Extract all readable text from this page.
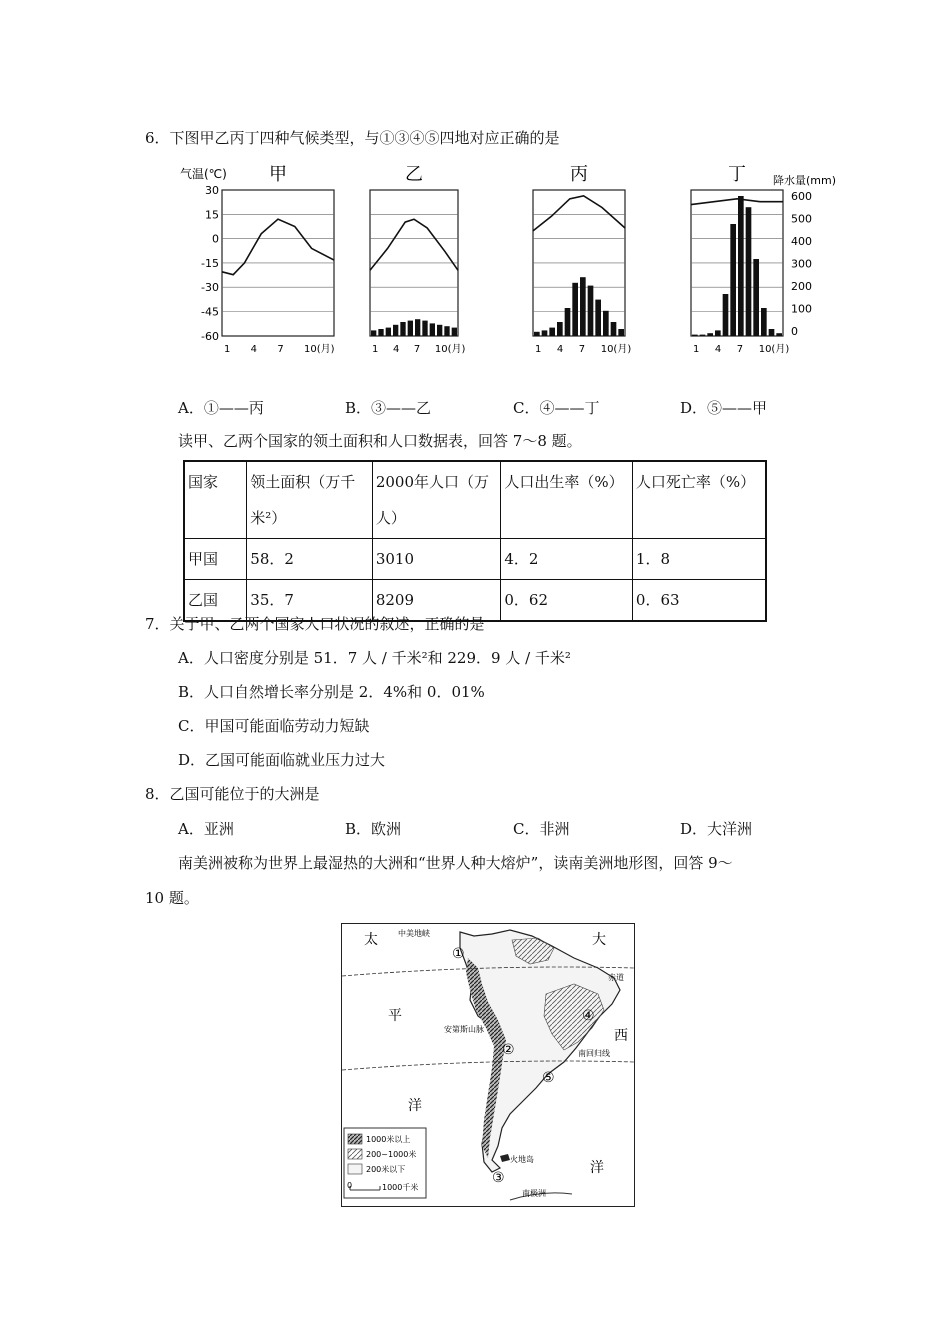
6．下图甲乙丙丁四种气候类型，与①③④⑤四地对应正确的是
气温(℃)	降水量(mm)
30
15
0
-15
-30
-45
-60
600
500
400
300
200
100
0
甲
1 4 7 10(月)
乙
1 4 7 10(月)
丙
1 4 7 10(月)
丁
1 4 7 10(月)
A．①——丙	B．③——乙	C．④——丁	D．⑤——甲
读甲、乙两个国家的领土面积和人口数据表，回答 7～8 题。
国家	领土面积（万千米²）	2000年人口（万人）	人口出生率（%）	人口死亡率（%）
甲国	58．2	3010	4．2	1．8
乙国	35．7	8209	0．62	0．63
7．关于甲、乙两个国家人口状况的叙述，正确的是
A．人口密度分别是 51．7 人 / 千米²和 229．9 人 / 千米²
B．人口自然增长率分别是 2．4%和 0．01%
C．甲国可能面临劳动力短缺
D．乙国可能面临就业压力过大
8．乙国可能位于的大洲是
A．亚洲	B．欧洲	C．非洲	D．大洋洲
南美洲被称为世界上最湿热的大洲和“世界人种大熔炉”，读南美洲地形图，回答 9～
10 题。
1000米以上
200~1000米
200米以下
0	1000千米
太
平
洋
大
西
洋
中美地峡
赤道
南回归线
安第斯山脉
火地岛
南极洲
①
②
③
④
⑤
